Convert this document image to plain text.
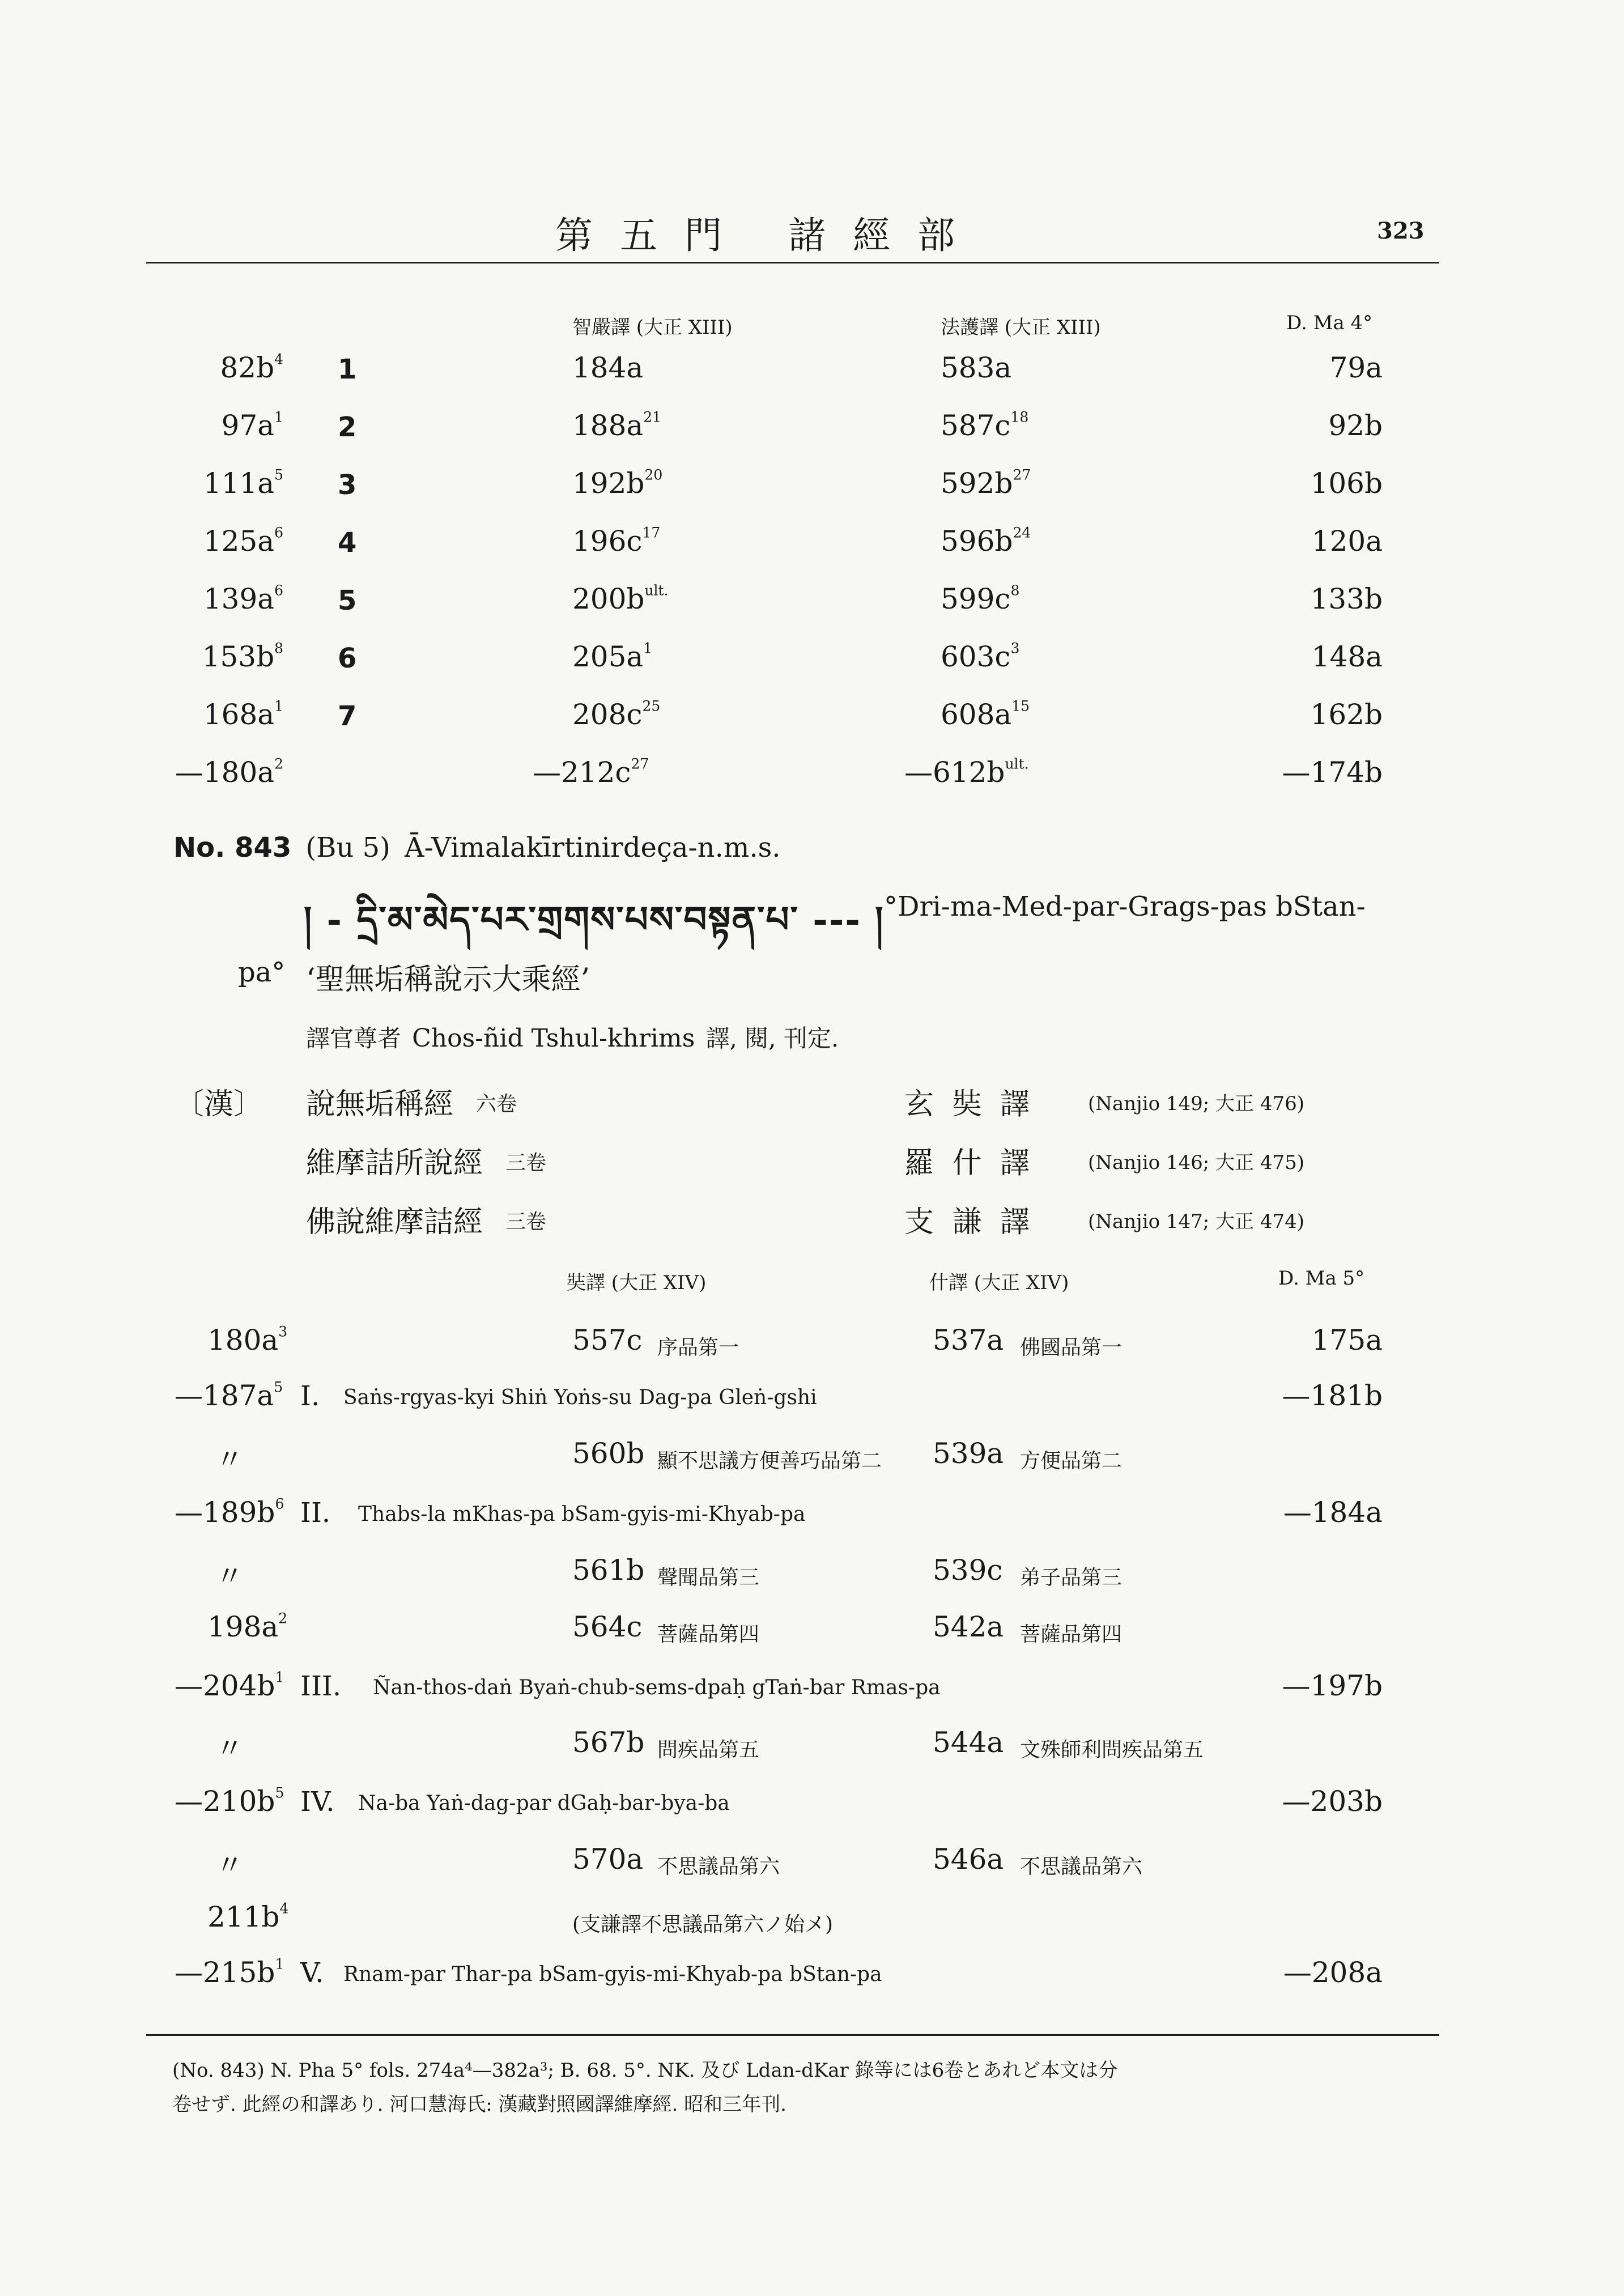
第五門 諸經部	323
智嚴譯 (大正 XIII)	法護譯 (大正 XIII)	D. Ma 4°
$82b^4$ 1	184a	583a	79a
$97a^1$ 2	$188a^{21}$	$587c^{18}$	92b
$111a^5$ 3	$192b^{20}$	$592b^{27}$	106b
$125a^6$ 4	$196c^{17}$	$596b^{24}$	120a
$139a^6$ 5	$200b^{ult.}$	$599c^8$	133b
$153b^8$ 6	$205a^1$	$603c^3$	148a
$168a^1$ 7	$208c^{25}$	$608a^{15}$	162b
$—180a^2$	$—212c^{27}$	$—612b^{ult.}$	—174b
No. 843 (Bu 5) Ā-Vimalakīrtinirdeça-n.m.s.
། - དྲི་མ་མེད་པར་གྲགས་པས་བསྟན་པ་ --- ། °Dri-ma-Med-par-Grags-pas bStan-
pa° ‘聖無垢稱說示大乘經’
譯官尊者 Chos-ñid Tshul-khrims 譯, 閱, 刊定.
〔漢〕 說無垢稱經 六卷	玄 奘 譯	(Nanjio 149; 大正 476)
維摩詰所說經 三卷	羅 什 譯	(Nanjio 146; 大正 475)
佛說維摩詰經 三卷	支 謙 譯	(Nanjio 147; 大正 474)
奘譯 (大正 XIV)	什譯 (大正 XIV)	D. Ma 5°
$180a^3$	557c 序品第一	537a 佛國品第一	175a
$—187a^5$ I. Saṅs-rgyas-kyi Shiṅ Yoṅs-su Dag-pa Gleṅ-gshi	—181b
〃	560b 顯不思議方便善巧品第二 539a 方便品第二
$—189b^6$ II. Thabs-la mKhas-pa bSam-gyis-mi-Khyab-pa	—184a
〃	561b 聲聞品第三	539c 弟子品第三
$198a^2$	564c 菩薩品第四	542a 菩薩品第四
$—204b^1$ III. Ñan-thos-daṅ Byaṅ-chub-sems-dpaḥ gTaṅ-bar Rmas-pa	—197b
〃	567b 問疾品第五	544a 文殊師利問疾品第五
$—210b^5$ IV. Na-ba Yaṅ-dag-par dGaḥ-bar-bya-ba	—203b
〃	570a 不思議品第六	546a 不思議品第六
$211b^4$
(支謙譯不思議品第六ノ始メ)
$—215b^1$ V. Rnam-par Thar-pa bSam-gyis-mi-Khyab-pa bStan-pa	—208a
(No. 843) N. Pha 5° fols. 274a⁴—382a³; B. 68. 5°. NK. 及び Ldan-dKar 錄等には6卷とあれど本文は分
卷せず. 此經の和譯あり. 河口慧海氏: 漢藏對照國譯維摩經. 昭和三年刊.
